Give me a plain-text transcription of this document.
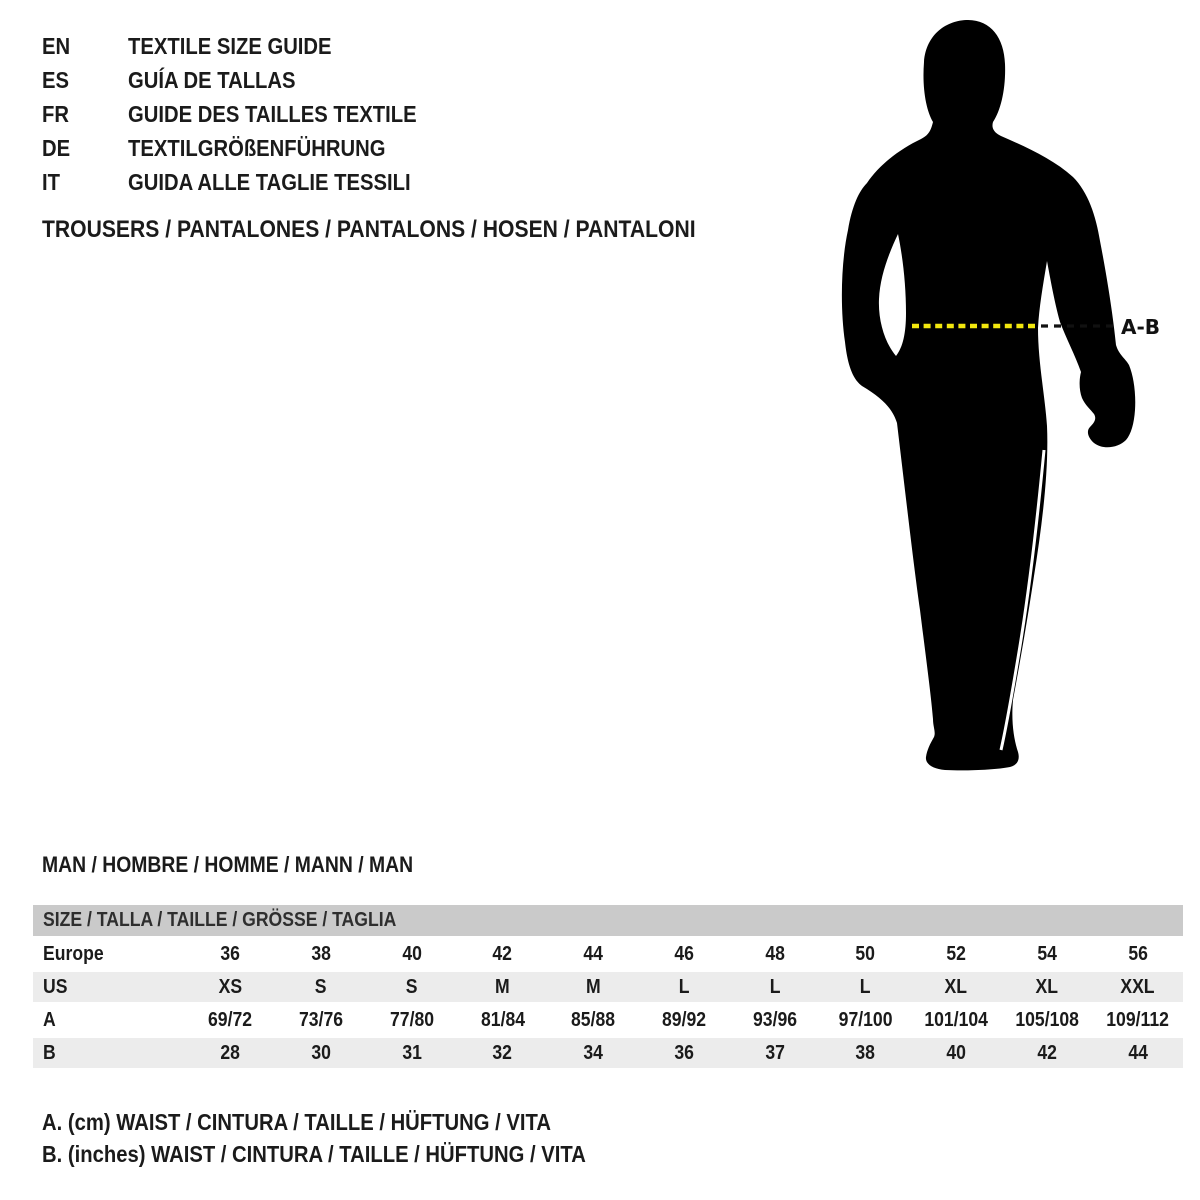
EN	TEXTILE SIZE GUIDE
ES	GUÍA DE TALLAS
FR	GUIDE DES TAILLES TEXTILE
DE	TEXTILGRÖßENFÜHRUNG
IT	GUIDA ALLE TAGLIE TESSILI
TROUSERS / PANTALONES / PANTALONS / HOSEN / PANTALONI
A-B
MAN / HOMBRE / HOMME / MANN / MAN
SIZE / TALLA / TAILLE / GRÖSSE / TAGLIA
Europe	36	38	40	42	44	46	48	50	52	54	56
US	XS	S	S	M	M	L	L	L	XL	XL	XXL
A	69/72	73/76	77/80	81/84	85/88	89/92	93/96	97/100	101/104	105/108	109/112
B	28	30	31	32	34	36	37	38	40	42	44
A. (cm) WAIST / CINTURA / TAILLE / HÜFTUNG / VITA
B. (inches) WAIST / CINTURA / TAILLE / HÜFTUNG / VITA
